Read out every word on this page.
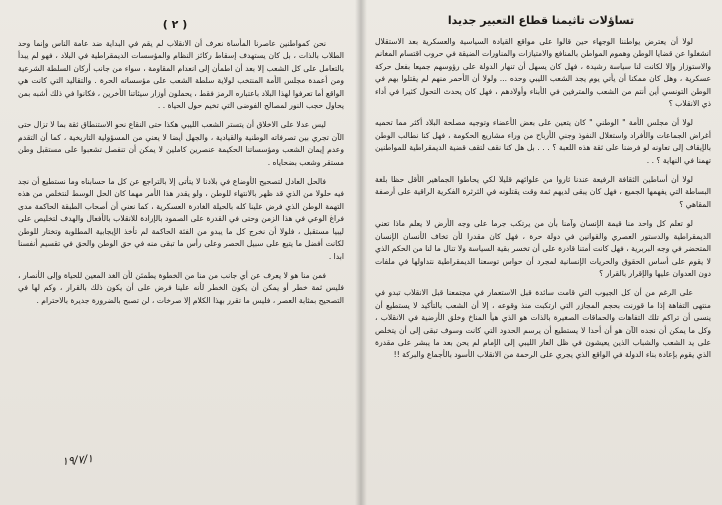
( ٢ )

نحن كمواطنين عاصرنا المأساة نعرف أن الانقلاب لم يقم في البداية ضد عامة الناس وإنما وحد الطلاب بالذات ، بل كان يستهدف إسقاط ركائز النظام والمؤسسات الديمقراطية في البلاد ، فهو لم يبدأ بالتعامل على كل الشعب إلا بعد أن اطمأن إلى انعدام المقاومة ، سواء من جانب أركان السلطة الشرعية ومن أعمدة مجلس الأمة المنتخب لولاية سلطة الشعب على مؤسساته الحرة . والتقاليد التي كانت هي الواقع أما تعرفوا لهذا البلاد باعتباره الرمز فقط ، يحملون أوزار سيئاتنا الأخرين ، فكانوا في ذلك أشبه بمن يحاول حجب النور لمصالح الفوضى التي تخيم حول الحياة . .

ليس عدلا على الاخلاق أن يتستر الشعب الليبي هكذا حتى النقاع نحو الاستنطاق ثقة بما لا تزال حتى الآن تجري بين تصرفاته الوطنية والقيادية ، والجهل أيضا لا يعني من المسؤولية التاريخية ، كما أن التقدم وعدم إيمان الشعب ومؤسساتنا الحكيمة عنصرين كاملين لا يمكن أن تنفصل تشعبوا على مستقبل وطن مستقر وشعب بضحاياه .

فالحل العادل لتصحيح الأوضاع في بلادنا لا يتأتى إلا بالتراجع عن كل ما حسابناه وما نستطيع أن نجد فيه حلولا من الذي قد ظهر بالانتهاء للوطن ، ولو يقدر هذا الأمر مهما كان الحل الوسط لنتخلص من هذه التهمة الوطن الذي فرض علينا كله بالحيلة الغادرة العسكرية ، كما نعني أن أصحاب الطبقة الحاكمة مدى فراغ الوعي في هذا الزمن وحتى في القدرة على الصمود بالإرادة للانقلاب بالأفعال والهدف لتخليص على ليبيا مستقبل ، فلولا أن نخرج كل ما يبدو من الفئة الحاكمة لم تأخذ الإيجابية المطلوبة وتختار للوطن لكانت أفضل ما يتبع على سبيل الحصر وعلى رأس ما تبقى منه في حق الوطن والحق في تقسيم أنفسنا ابدا .

فمن منا هو لا يعرف عن أي جانب من منا من الخطوة يطمئن لأن الغد المعين للحياة وإلى الأنصار ، فليس ثمة خطر أو يمكن أن يكون الخطر لأنه علينا فرض على أن يكون ذلك بالقرار ، وكم لها في التصحيح بمثابة العصر ، فليس ما تقرر بهذا الكلام إلا صرخات ، لن تصبح بالضرورة جديرة بالاحترام .

١٩/٧/١
تساؤلات تاثيمنا قطاع التعبير جديدا

لولا أن يعترض يواطننا الوجهاء حين قالوا على مواقع القيادة السياسية والعسكرية بعد الاستقلال انشغلوا عن قضايا الوطن وهموم المواطن بالمنافع والامتيازات والمناورات الضيقة في حروب اقتسام المغانم والاستوزار وإلا لكانت لنا سياسة رشيدة ، فهل كان يسهل أن تنهار الدولة على رؤوسهم جميعا بفعل حركة عسكرية ، وهل كان ممكنا أن يأتي يوم يجد الشعب الليبي وحده ... ولولا أن الأحمر منهم لم يقتلوا بهم في الوطن التونسي أين أنتم من الشعب والمترفين في الأبناء وأولادهم ، فهل كان يحدث التحول كثيرا في أداء ذي الانقلاب ؟

لولا أن مجلس الأمة " الوطني " كان يتعين على بعض الأعضاء وتوجيه مصلحة البلاد أكثر مما تحميه أغراض الجماعات والأفراد واستغلال النفوذ وجني الأرباح من وراء مشاريع الحكومة ، فهل كنا نطالب الوطن بالإيقاف إلى تعاونه لو فرضنا على ثقة هذه اللعبة ؟ . . . بل هل كنا نقف لتقف قضية الديمقراطية للمواطنين تهمنا في النهاية ؟ . .

لولا أن أساطين الثقافة الرفيعة عندنا ثاروا من علوائهم قليلا لكي يحاطوا الجماهير الأقل حظا بلغة البساطة التي يفهمها الجميع ، فهل كان يبقى لديهم ثمة وقت يقتلونه في الثرثرة الفكرية الراقية على أرصفة المقاهي ؟

لو تعلم كل واحد منا قيمة الإنسان وآمنا بأن من يرتكب جرما على وجه الأرض لا يعلم ماذا تعني الديمقراطية والدستور العصري والقوانين في دولة حرة ، فهل كان مقدرا لأن تخاف الأنسان الإنسان المتحضر في وجه البربرية ، فهل كانت أمتنا قادرة على أن تخسر بقية السياسة ولا تنال ما لنا من الحكم الذي لا يقوم على أساس الحقوق والحريات الإنسانية لمجرد أن حواس توسعنا الديمقراطية نتداولها في ملفات دون العدوان عليها والإقرار بالقرار ؟

على الرغم من أن كل الجيوب التي قامت سائدة قبل الاستعمار في مجتمعنا قبل الانقلاب تبدو في منتهى التفاهة إذا ما قورنت بحجم المجازر التي ارتكبت منذ وقوعه ، إلا أن الشعب بالتأكيد لا يستطيع أن ينسى أن تراكم تلك التفاهات والحماقات الصغيرة بالذات هو الذي هيأ المناخ وخلق الأرضية في الانقلاب ، وكل ما يمكن أن نجده الآن هو أن أحدا لا يستطيع أن يرسم الحدود التي كانت وسوف تبقى إلى أن يتخلص على يد الشعب والشباب الذين يعيشون في ظل العار الليبي إلى الإمام لم يحن بعد ما يبشر على مقدرة الذي يقوم بإعادة بناء الدولة في الواقع الذي يجري على الرحمة من الانقلاب الأسود بالأجماع والبركة !!
